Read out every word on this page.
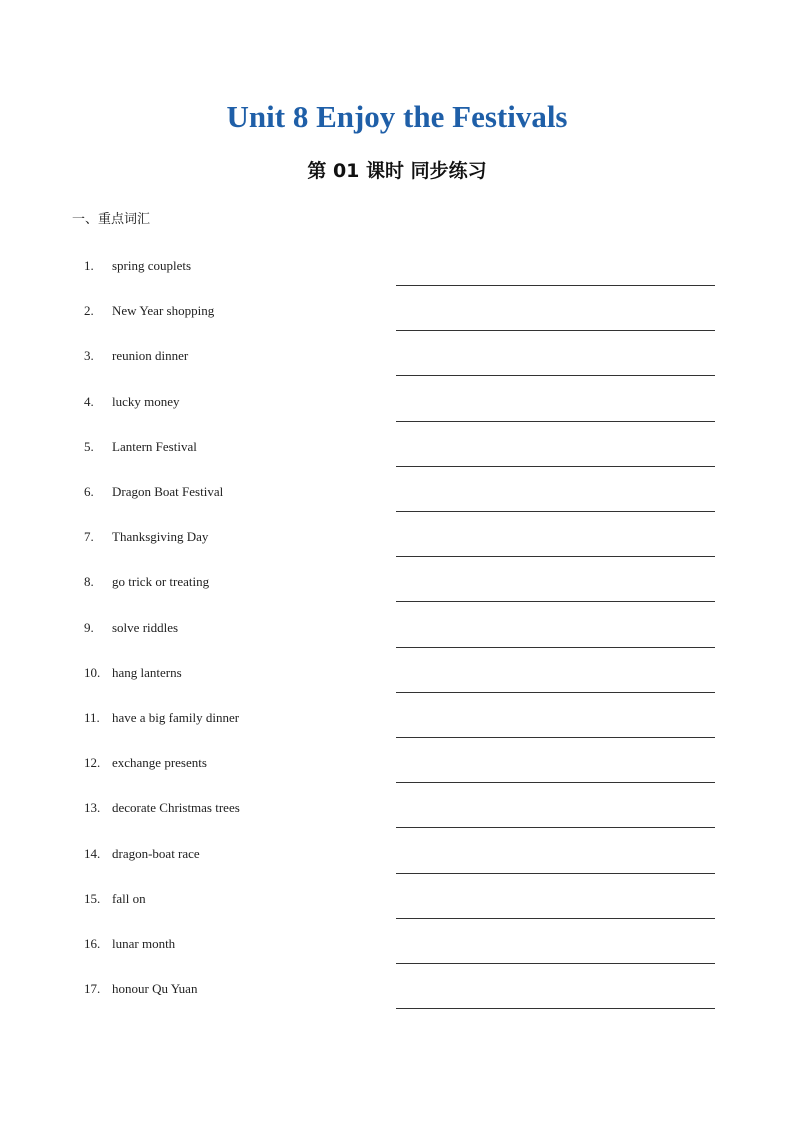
Unit 8 Enjoy the Festivals
第 01 课时 同步练习
一、重点词汇
1. spring couplets
2. New Year shopping
3. reunion dinner
4. lucky money
5. Lantern Festival
6. Dragon Boat Festival
7. Thanksgiving Day
8. go trick or treating
9. solve riddles
10. hang lanterns
11. have a big family dinner
12. exchange presents
13. decorate Christmas trees
14. dragon-boat race
15. fall on
16. lunar month
17. honour Qu Yuan
